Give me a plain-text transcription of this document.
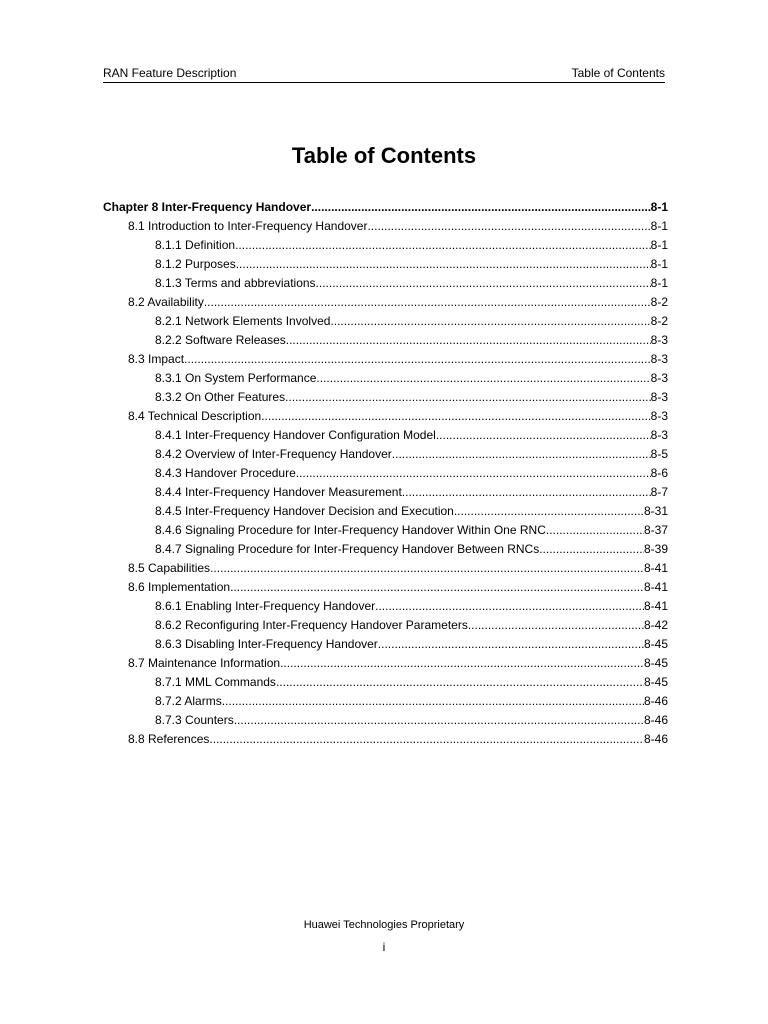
RAN Feature Description	Table of Contents
Table of Contents
Chapter 8 Inter-Frequency Handover .....	8-1
8.1 Introduction to Inter-Frequency Handover .....	8-1
8.1.1 Definition .....	8-1
8.1.2 Purposes .....	8-1
8.1.3 Terms and abbreviations .....	8-1
8.2 Availability .....	8-2
8.2.1 Network Elements Involved .....	8-2
8.2.2 Software Releases .....	8-3
8.3 Impact .....	8-3
8.3.1 On System Performance .....	8-3
8.3.2 On Other Features .....	8-3
8.4 Technical Description .....	8-3
8.4.1 Inter-Frequency Handover Configuration Model .....	8-3
8.4.2 Overview of Inter-Frequency Handover .....	8-5
8.4.3 Handover Procedure .....	8-6
8.4.4 Inter-Frequency Handover Measurement .....	8-7
8.4.5 Inter-Frequency Handover Decision and Execution .....	8-31
8.4.6 Signaling Procedure for Inter-Frequency Handover Within One RNC .....	8-37
8.4.7 Signaling Procedure for Inter-Frequency Handover Between RNCs .....	8-39
8.5 Capabilities .....	8-41
8.6 Implementation .....	8-41
8.6.1 Enabling Inter-Frequency Handover .....	8-41
8.6.2 Reconfiguring Inter-Frequency Handover Parameters .....	8-42
8.6.3 Disabling Inter-Frequency Handover .....	8-45
8.7 Maintenance Information .....	8-45
8.7.1 MML Commands .....	8-45
8.7.2 Alarms .....	8-46
8.7.3 Counters .....	8-46
8.8 References .....	8-46
Huawei Technologies Proprietary
i
